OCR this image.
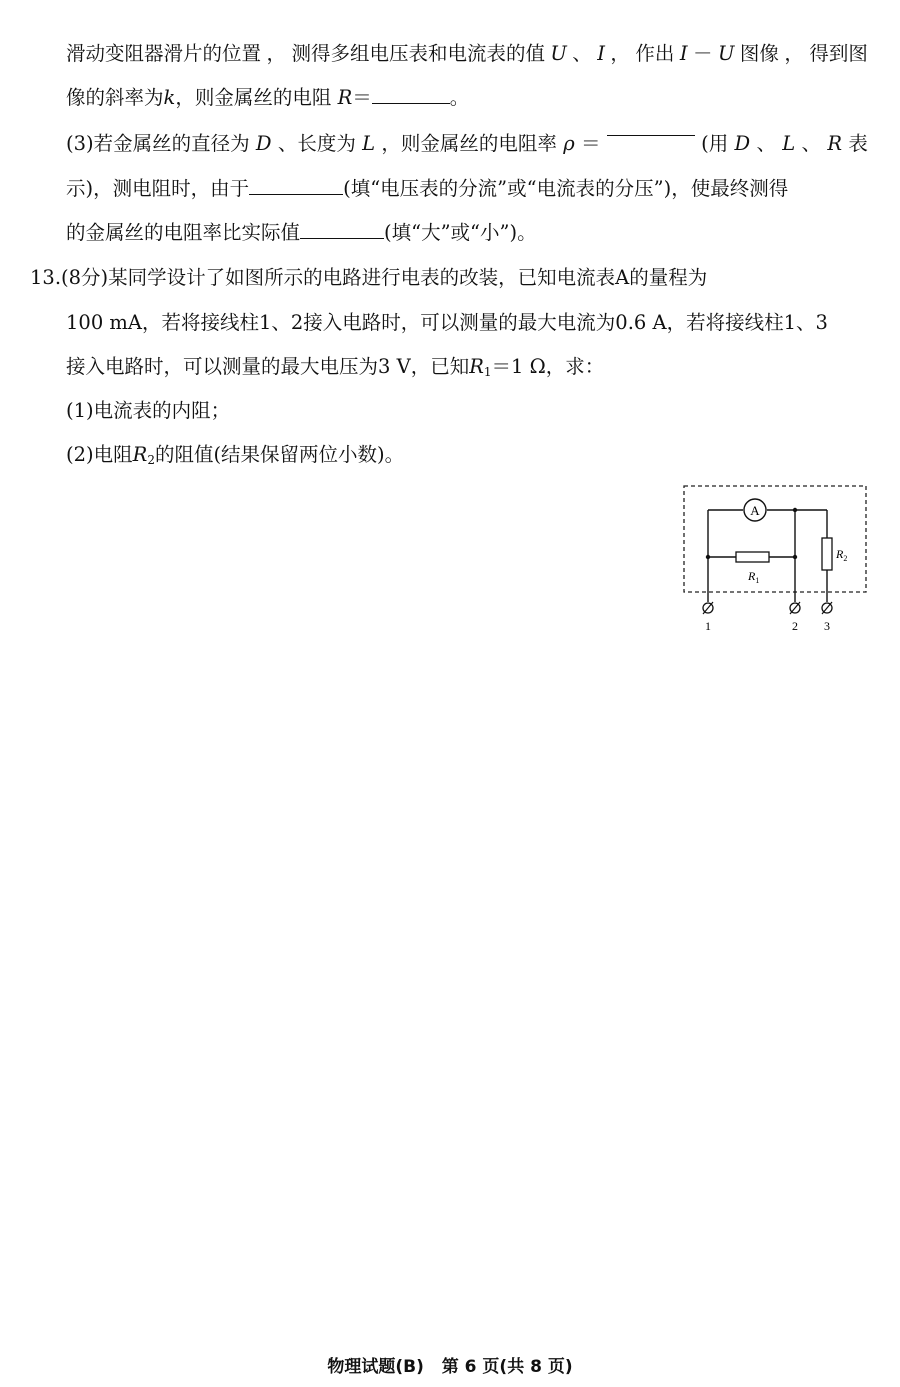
滑动变阻器滑片的位置 ， 测得多组电压表和电流表的值 U 、 I ， 作出 I － U 图像 ， 得到图
像的斜率为k，则金属丝的电阻 R＝	。
(3)若金属丝的直径为 D 、长度为 L ，则金属丝的电阻率 ρ ＝	(用 D 、 L 、 R 表
示)，测电阻时，由于	(填“电压表的分流”或“电流表的分压”)，使最终测得
的金属丝的电阻率比实际值	(填“大”或“小”)。
13.(8分)某同学设计了如图所示的电路进行电表的改装，已知电流表A的量程为
100 mA，若将接线柱1、2接入电路时，可以测量的最大电流为0.6 A，若将接线柱1、3
接入电路时，可以测量的最大电压为3 V，已知$R_1=1$ Ω，求：
(1)电流表的内阻；
(2)电阻$R_2$的阻值(结果保留两位小数)。
A
$R_1$
$R_2$
1	2 3
物理试题(B) 第 6 页(共 8 页)
